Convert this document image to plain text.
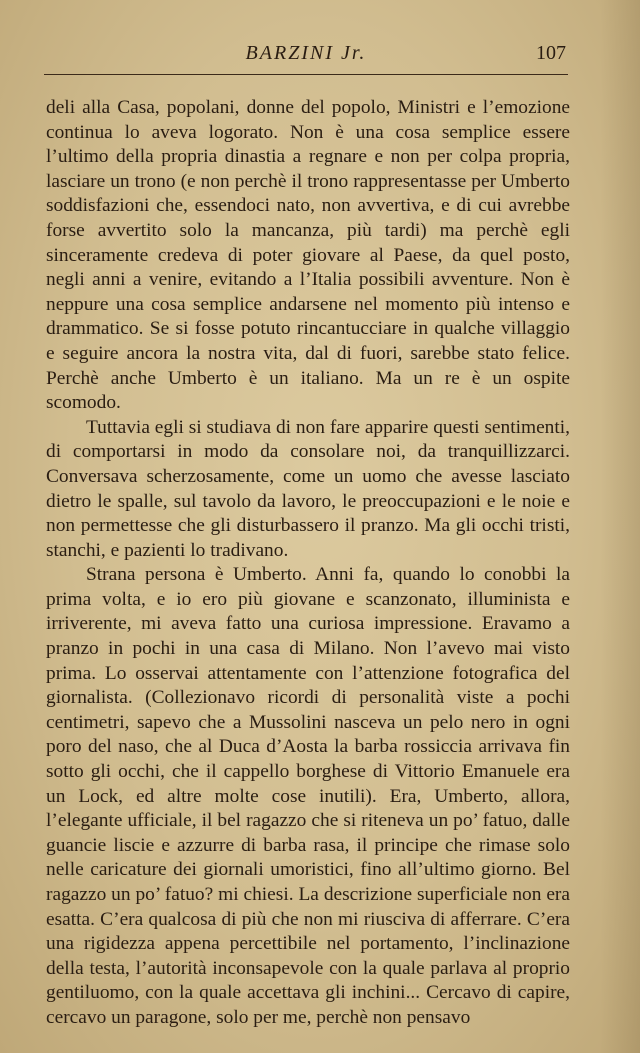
BARZINI Jr.	107

deli alla Casa, popolani, donne del popolo, Ministri e l’emozione continua lo aveva logorato. Non è una cosa semplice essere l’ultimo della propria dinastia a regnare e non per colpa propria, lasciare un trono (e non perchè il trono rappresentasse per Umberto soddisfazioni che, essendoci nato, non avvertiva, e di cui avrebbe forse avvertito solo la mancanza, più tardi) ma perchè egli sinceramente credeva di poter giovare al Paese, da quel posto, negli anni a venire, evitando a l’Italia possibili avventure. Non è neppure una cosa semplice andarsene nel momento più intenso e drammatico. Se si fosse potuto rincantucciare in qualche villaggio e seguire ancora la nostra vita, dal di fuori, sarebbe stato felice. Perchè anche Umberto è un italiano. Ma un re è un ospite scomodo.

Tuttavia egli si studiava di non fare apparire questi sentimenti, di comportarsi in modo da consolare noi, da tranquillizzarci. Conversava scherzosamente, come un uomo che avesse lasciato dietro le spalle, sul tavolo da lavoro, le preoccupazioni e le noie e non permettesse che gli disturbassero il pranzo. Ma gli occhi tristi, stanchi, e pazienti lo tradivano.

Strana persona è Umberto. Anni fa, quando lo conobbi la prima volta, e io ero più giovane e scanzonato, illuminista e irriverente, mi aveva fatto una curiosa impressione. Eravamo a pranzo in pochi in una casa di Milano. Non l’avevo mai visto prima. Lo osservai attentamente con l’attenzione fotografica del giornalista. (Collezionavo ricordi di personalità viste a pochi centimetri, sapevo che a Mussolini nasceva un pelo nero in ogni poro del naso, che al Duca d’Aosta la barba rossiccia arrivava fin sotto gli occhi, che il cappello borghese di Vittorio Emanuele era un Lock, ed altre molte cose inutili). Era, Umberto, allora, l’elegante ufficiale, il bel ragazzo che si riteneva un po’ fatuo, dalle guancie liscie e azzurre di barba rasa, il principe che rimase solo nelle caricature dei giornali umoristici, fino all’ultimo giorno. Bel ragazzo un po’ fatuo? mi chiesi. La descrizione superficiale non era esatta. C’era qualcosa di più che non mi riusciva di afferrare. C’era una rigidezza appena percettibile nel portamento, l’inclinazione della testa, l’autorità inconsapevole con la quale parlava al proprio gentiluomo, con la quale accettava gli inchini... Cercavo di capire, cercavo un paragone, solo per me, perchè non pensavo
